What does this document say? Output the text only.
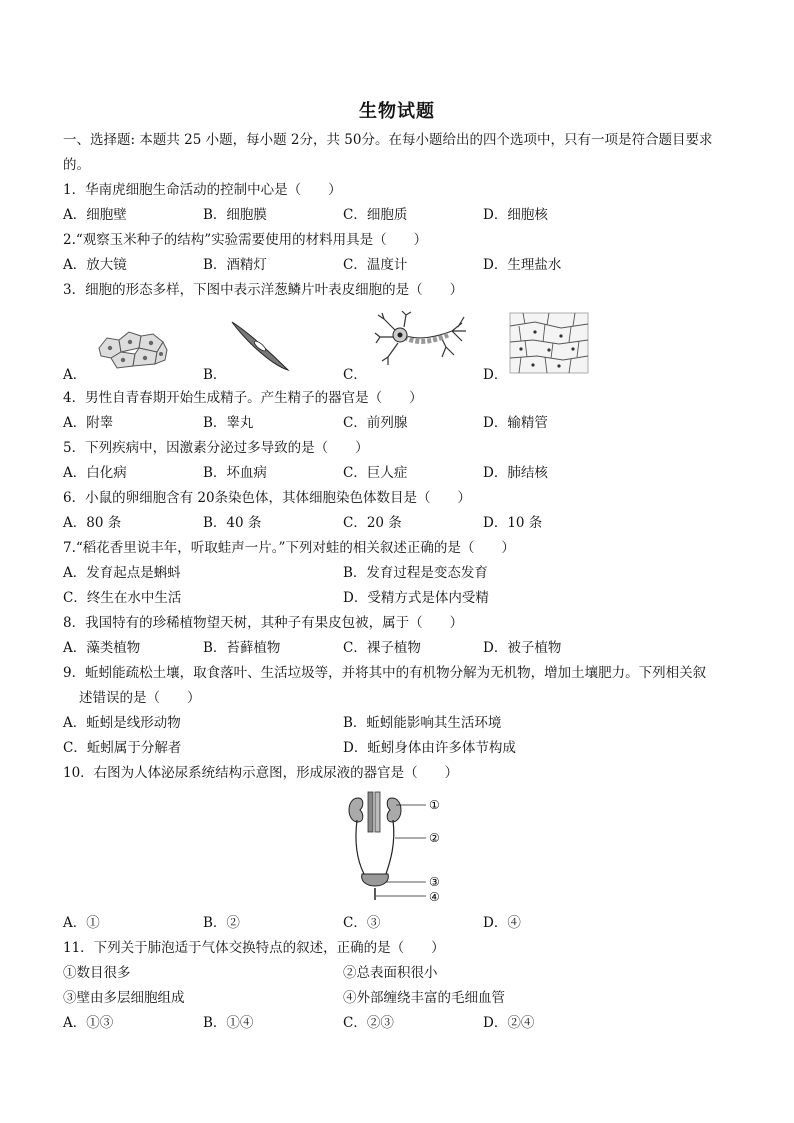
生物试题
一、选择题: 本题共 25 小题，每小题 2分，共 50分。在每小题给出的四个选项中，只有一项是符合题目要求
的。
1．华南虎细胞生命活动的控制中心是（　　）
A．细胞壁	B．细胞膜	C．细胞质	D．细胞核
2.“观察玉米种子的结构”实验需要使用的材料用具是（　　）
A．放大镜	B．酒精灯	C．温度计	D．生理盐水
3．细胞的形态多样，下图中表示洋葱鳞片叶表皮细胞的是（　　）
A．	B．	C．	D．
4．男性自青春期开始生成精子。产生精子的器官是（　　）
A．附睾	B．睾丸	C．前列腺	D．输精管
5．下列疾病中，因激素分泌过多导致的是（　　）
A．白化病	B．坏血病	C．巨人症	D．肺结核
6．小鼠的卵细胞含有 20条染色体，其体细胞染色体数目是（　　）
A．80 条	B．40 条	C．20 条	D．10 条
7.“稻花香里说丰年，听取蛙声一片。”下列对蛙的相关叙述正确的是（　　）
A．发育起点是蝌蚪	B．发育过程是变态发育
C．终生在水中生活	D．受精方式是体内受精
8．我国特有的珍稀植物望天树，其种子有果皮包被，属于（　　）
A．藻类植物	B．苔藓植物	C．裸子植物	D．被子植物
9．蚯蚓能疏松土壤，取食落叶、生活垃圾等，并将其中的有机物分解为无机物，增加土壤肥力。下列相关叙
述错误的是（　　）
A．蚯蚓是线形动物	B．蚯蚓能影响其生活环境
C．蚯蚓属于分解者	D．蚯蚓身体由许多体节构成
10．右图为人体泌尿系统结构示意图，形成尿液的器官是（　　）
①
②
③
④
A．①	B．②	C．③	D．④
11．下列关于肺泡适于气体交换特点的叙述，正确的是（　　）
①数目很多	②总表面积很小
③壁由多层细胞组成	④外部缠绕丰富的毛细血管
A．①③	B．①④	C．②③	D．②④
